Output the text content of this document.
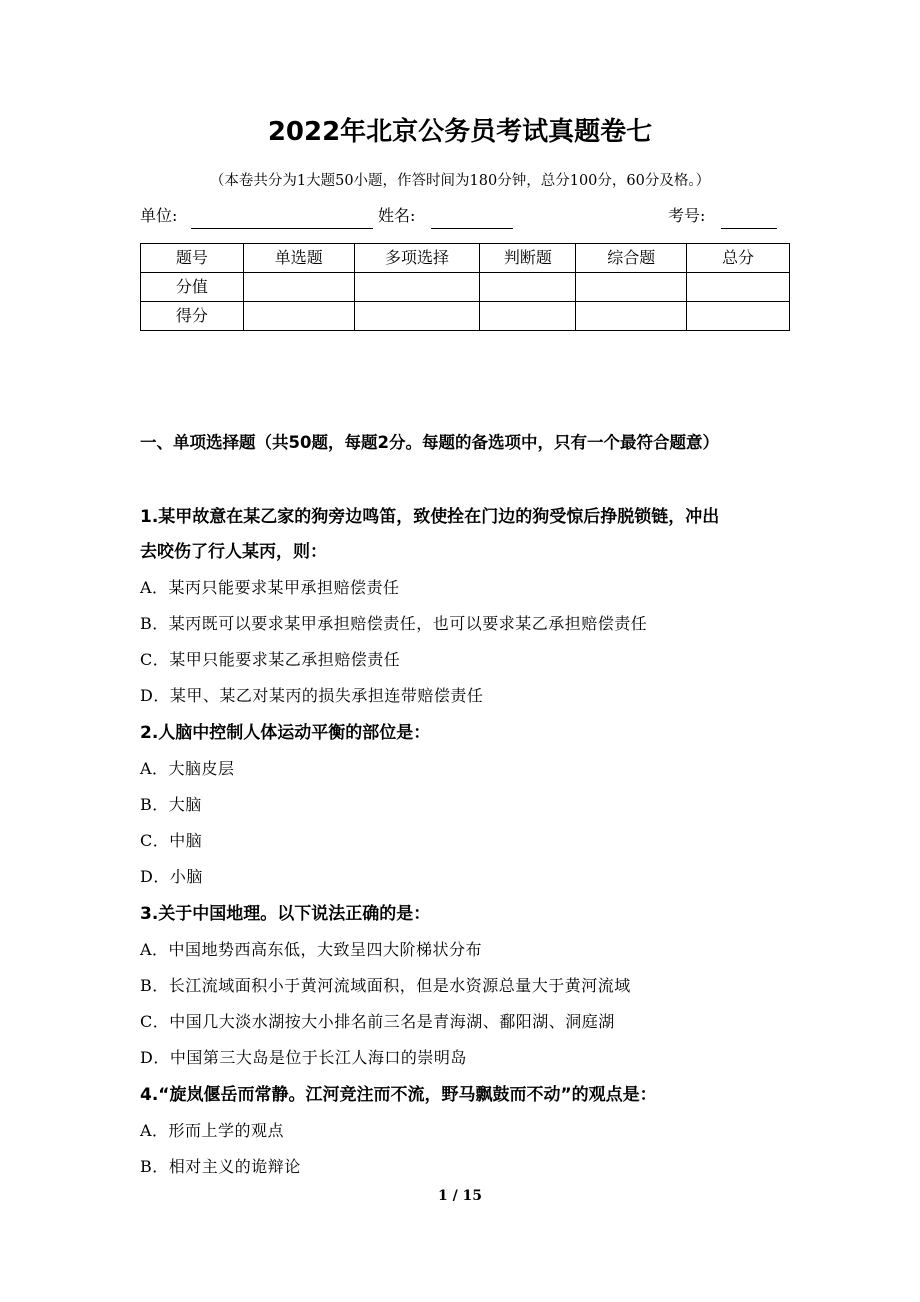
2022年北京公务员考试真题卷七
（本卷共分为1大题50小题，作答时间为180分钟，总分100分，60分及格。）
单位:	姓名:	考号:
题号	单选题	多项选择	判断题	综合题	总分
分值					
得分					
一、单项选择题（共50题，每题2分。每题的备选项中，只有一个最符合题意）
1.某甲故意在某乙家的狗旁边鸣笛，致使拴在门边的狗受惊后挣脱锁链，冲出
去咬伤了行人某丙，则：
A．某丙只能要求某甲承担赔偿责任
B．某丙既可以要求某甲承担赔偿责任，也可以要求某乙承担赔偿责任
C．某甲只能要求某乙承担赔偿责任
D．某甲、某乙对某丙的损失承担连带赔偿责任
2.人脑中控制人体运动平衡的部位是：
A．大脑皮层
B．大脑
C．中脑
D．小脑
3.关于中国地理。以下说法正确的是：
A．中国地势西高东低，大致呈四大阶梯状分布
B．长江流域面积小于黄河流域面积，但是水资源总量大于黄河流域
C．中国几大淡水湖按大小排名前三名是青海湖、鄱阳湖、洞庭湖
D．中国第三大岛是位于长江人海口的崇明岛
4.“旋岚偃岳而常静。江河竞注而不流，野马飘鼓而不动”的观点是：
A．形而上学的观点
B．相对主义的诡辩论
1 / 15
